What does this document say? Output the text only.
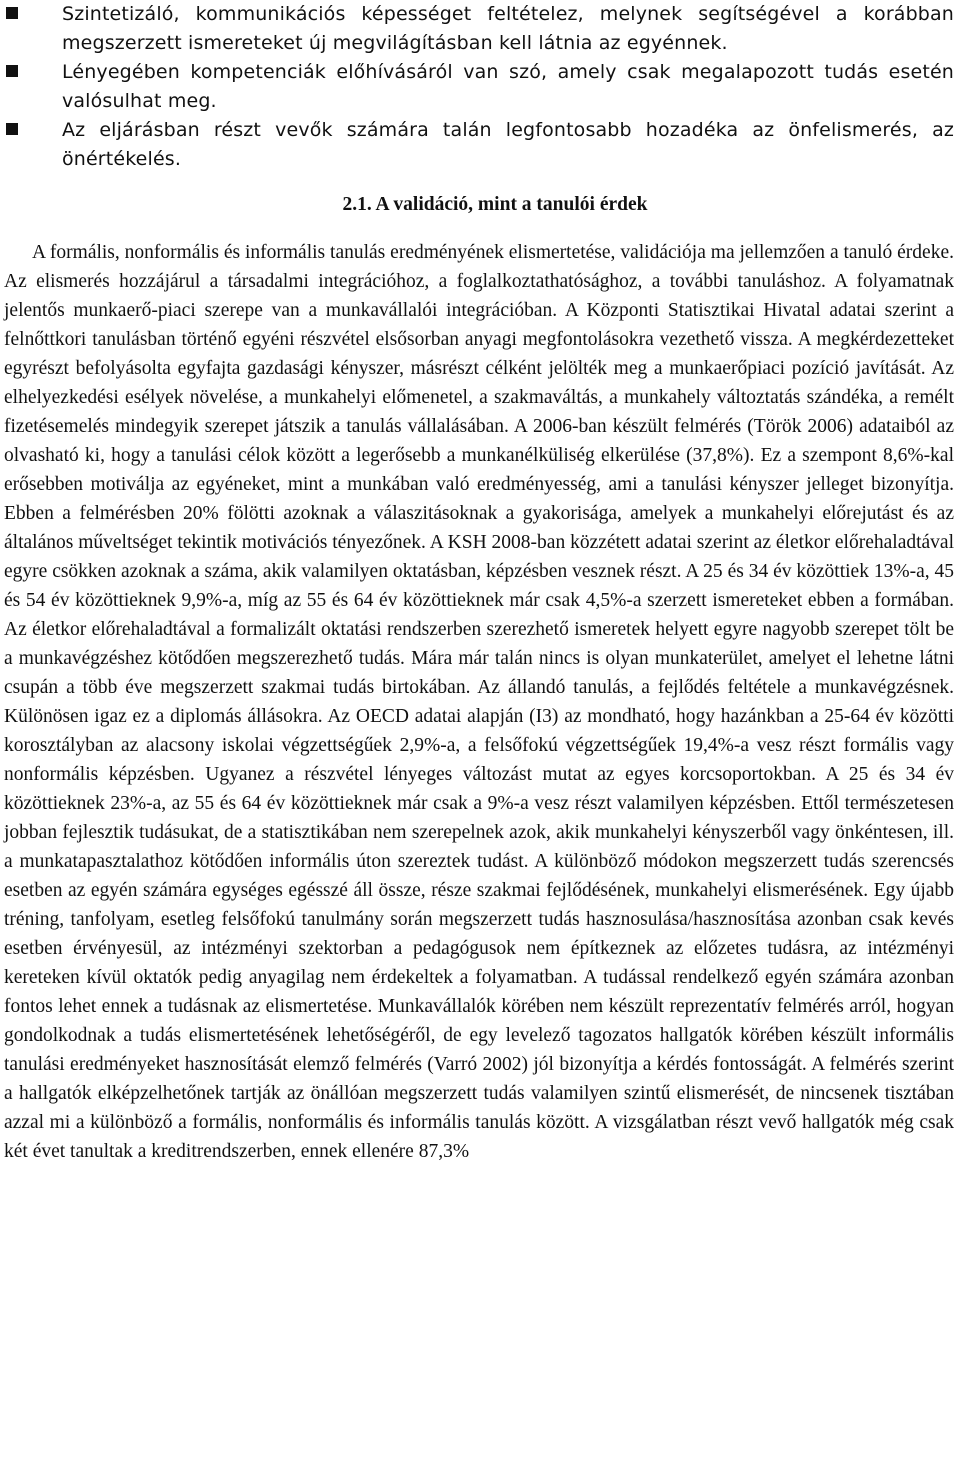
Szintetizáló, kommunikációs képességet feltételez, melynek segítségével a korábban megszerzett ismereteket új megvilágításban kell látnia az egyénnek.
Lényegében kompetenciák előhívásáról van szó, amely csak megalapozott tudás esetén valósulhat meg.
Az eljárásban részt vevők számára talán legfontosabb hozadéka az önfelismerés, az önértékelés.
2.1. A validáció, mint a tanulói érdek

A formális, nonformális és informális tanulás eredményének elismertetése, validációja ma jellemzően a tanuló érdeke. Az elismerés hozzájárul a társadalmi integrációhoz, a foglalkoztathatósághoz, a további tanuláshoz. A folyamatnak jelentős munkaerő-piaci szerepe van a munkavállalói integrációban. A Központi Statisztikai Hivatal adatai szerint a felnőttkori tanulásban történő egyéni részvétel elsősorban anyagi megfontolásokra vezethető vissza. A megkérdezetteket egyrészt befolyásolta egyfajta gazdasági kényszer, másrészt célként jelölték meg a munkaerőpiaci pozíció javítását. Az elhelyezkedési esélyek növelése, a munkahelyi előmenetel, a szakmaváltás, a munkahely változtatás szándéka, a remélt fizetésemelés mindegyik szerepet játszik a tanulás vállalásában. A 2006-ban készült felmérés (Török 2006) adataiból az olvasható ki, hogy a tanulási célok között a legerősebb a munkanélküliség elkerülése (37,8%). Ez a szempont 8,6%-kal erősebben motiválja az egyéneket, mint a munkában való eredményesség, ami a tanulási kényszer jelleget bizonyítja. Ebben a felmérésben 20% fölötti azoknak a válaszitásoknak a gyakorisága, amelyek a munkahelyi előrejutást és az általános műveltséget tekintik motivációs tényezőnek. A KSH 2008-ban közzétett adatai szerint az életkor előrehaladtával egyre csökken azoknak a száma, akik valamilyen oktatásban, képzésben vesznek részt. A 25 és 34 év közöttiek 13%-a, 45 és 54 év közöttieknek 9,9%-a, míg az 55 és 64 év közöttieknek már csak 4,5%-a szerzett ismereteket ebben a formában. Az életkor előrehaladtával a formalizált oktatási rendszerben szerezhető ismeretek helyett egyre nagyobb szerepet tölt be a munkavégzéshez kötődően megszerezhető tudás. Mára már talán nincs is olyan munkaterület, amelyet el lehetne látni csupán a több éve megszerzett szakmai tudás birtokában. Az állandó tanulás, a fejlődés feltétele a munkavégzésnek. Különösen igaz ez a diplomás állásokra. Az OECD adatai alapján (I3) az mondható, hogy hazánkban a 25-64 év közötti korosztályban az alacsony iskolai végzettségűek 2,9%-a, a felsőfokú végzettségűek 19,4%-a vesz részt formális vagy nonformális képzésben. Ugyanez a részvétel lényeges változást mutat az egyes korcsoportokban. A 25 és 34 év közöttieknek 23%-a, az 55 és 64 év közöttieknek már csak a 9%-a vesz részt valamilyen képzésben. Ettől természetesen jobban fejlesztik tudásukat, de a statisztikában nem szerepelnek azok, akik munkahelyi kényszerből vagy önkéntesen, ill. a munkatapasztalathoz kötődően informális úton szereztek tudást. A különböző módokon megszerzett tudás szerencsés esetben az egyén számára egységes egésszé áll össze, része szakmai fejlődésének, munkahelyi elismerésének. Egy újabb tréning, tanfolyam, esetleg felsőfokú tanulmány során megszerzett tudás hasznosulása/hasznosítása azonban csak kevés esetben érvényesül, az intézményi szektorban a pedagógusok nem építkeznek az előzetes tudásra, az intézményi kereteken kívül oktatók pedig anyagilag nem érdekeltek a folyamatban. A tudással rendelkező egyén számára azonban fontos lehet ennek a tudásnak az elismertetése. Munkavállalók körében nem készült reprezentatív felmérés arról, hogyan gondolkodnak a tudás elismertetésének lehetőségéről, de egy levelező tagozatos hallgatók körében készült informális tanulási eredményeket hasznosítását elemző felmérés (Varró 2002) jól bizonyítja a kérdés fontosságát. A felmérés szerint a hallgatók elképzelhetőnek tartják az önállóan megszerzett tudás valamilyen szintű elismerését, de nincsenek tisztában azzal mi a különböző a formális, nonformális és informális tanulás között. A vizsgálatban részt vevő hallgatók még csak két évet tanultak a kreditrendszerben, ennek ellenére 87,3%
